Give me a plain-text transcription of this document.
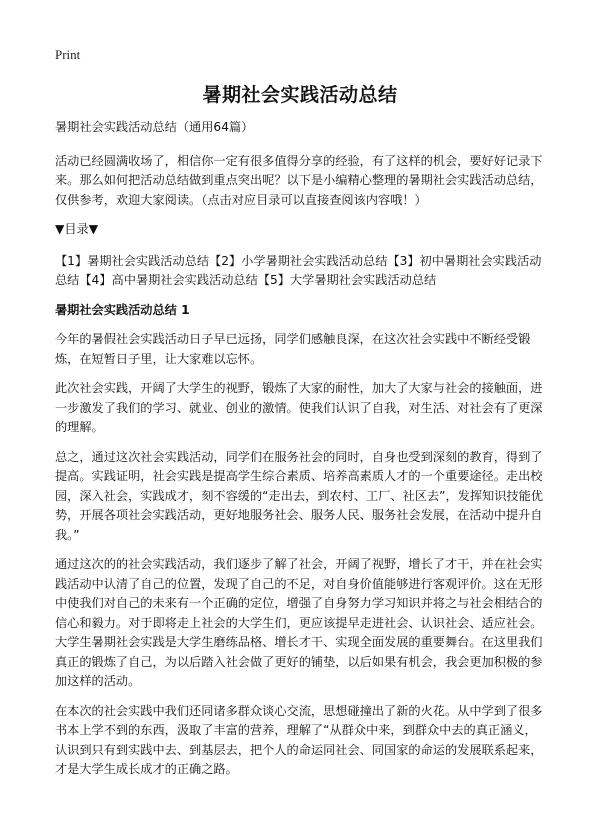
Print
暑期社会实践活动总结

暑期社会实践活动总结（通用64篇）

活动已经圆满收场了，相信你一定有很多值得分享的经验，有了这样的机会，要好好记录下来。那么如何把活动总结做到重点突出呢？以下是小编精心整理的暑期社会实践活动总结，仅供参考，欢迎大家阅读。（点击对应目录可以直接查阅该内容哦！）

▼目录▼

【1】暑期社会实践活动总结【2】小学暑期社会实践活动总结【3】初中暑期社会实践活动总结【4】高中暑期社会实践活动总结【5】大学暑期社会实践活动总结

暑期社会实践活动总结 1

今年的暑假社会实践活动日子早已远扬，同学们感触良深，在这次社会实践中不断经受锻炼，在短暂日子里，让大家难以忘怀。

此次社会实践，开阔了大学生的视野，锻炼了大家的耐性，加大了大家与社会的接触面，进一步激发了我们的学习、就业、创业的激情。使我们认识了自我，对生活、对社会有了更深的理解。

总之，通过这次社会实践活动，同学们在服务社会的同时，自身也受到深刻的教育，得到了提高。实践证明，社会实践是提高学生综合素质、培养高素质人才的一个重要途径。走出校园，深入社会，实践成才，刻不容缓的“走出去，到农村、工厂、社区去”，发挥知识技能优势，开展各项社会实践活动，更好地服务社会、服务人民、服务社会发展，在活动中提升自我。”

通过这次的的社会实践活动，我们逐步了解了社会，开阔了视野，增长了才干，并在社会实践活动中认清了自己的位置，发现了自己的不足，对自身价值能够进行客观评价。这在无形中使我们对自己的未来有一个正确的定位，增强了自身努力学习知识并将之与社会相结合的信心和毅力。对于即将走上社会的大学生们，更应该提早走进社会、认识社会、适应社会。大学生暑期社会实践是大学生磨练品格、增长才干、实现全面发展的重要舞台。在这里我们真正的锻炼了自己，为以后踏入社会做了更好的铺垫，以后如果有机会，我会更加积极的参加这样的活动。

在本次的社会实践中我们还同诸多群众谈心交流，思想碰撞出了新的火花。从中学到了很多书本上学不到的东西，汲取了丰富的营养，理解了“从群众中来，到群众中去的真正涵义，认识到只有到实践中去、到基层去，把个人的命运同社会、同国家的命运的发展联系起来，才是大学生成长成才的正确之路。
